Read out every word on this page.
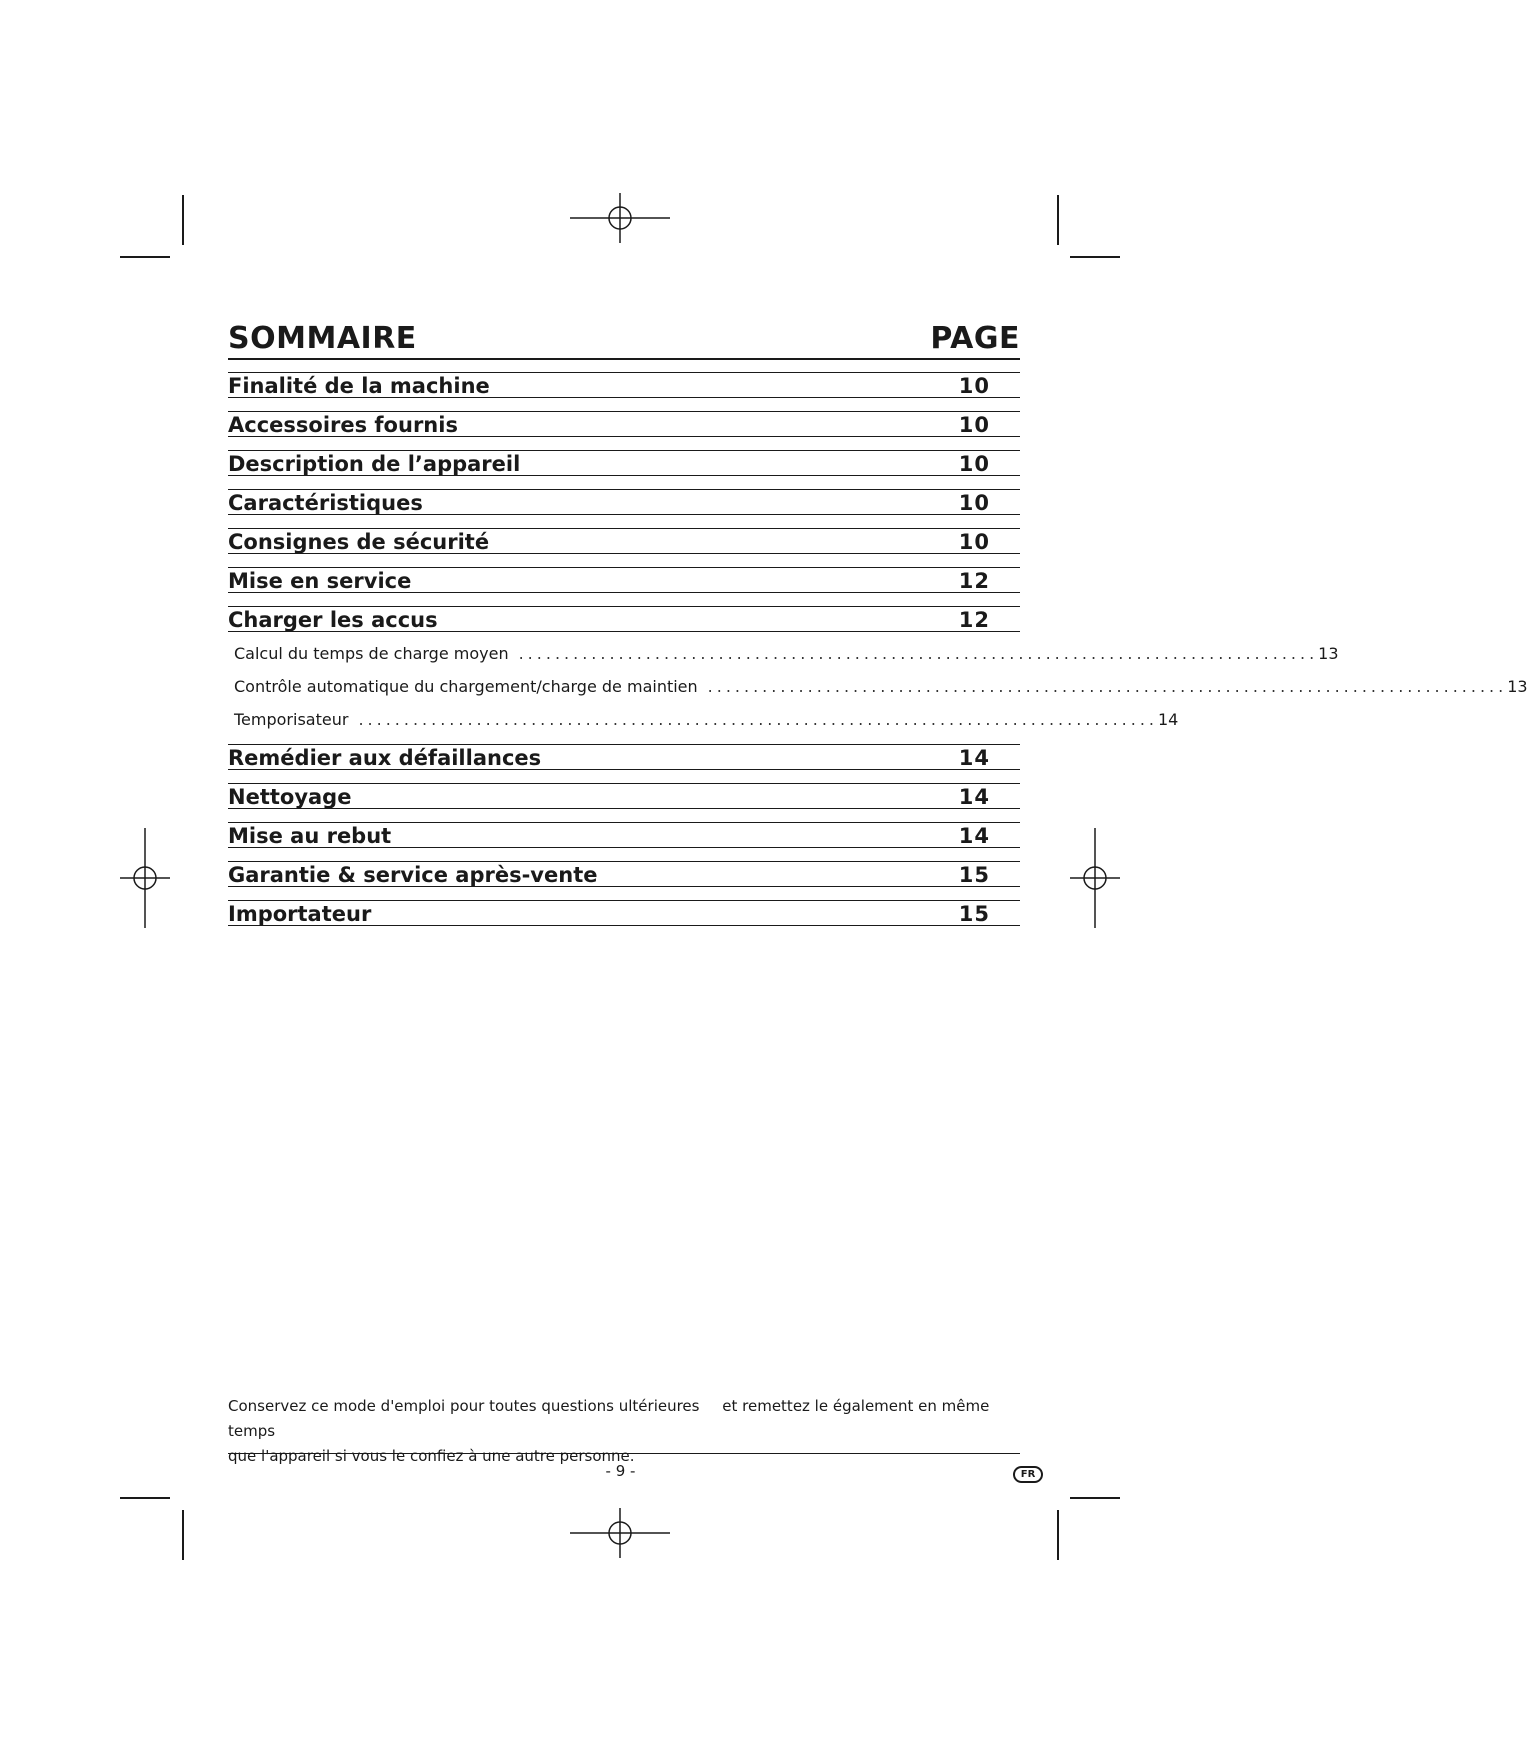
SOMMAIRE	PAGE
Finalité de la machine	10
Accessoires fournis	10
Description de l’appareil	10
Caractéristiques	10
Consignes de sécurité	10
Mise en service	12
Charger les accus	12
Calcul du temps de charge moyen ........................................................................................ 13
Contrôle automatique du chargement/charge de maintien ........................................................................................ 13
Temporisateur ........................................................................................ 14
Remédier aux défaillances	14
Nettoyage	14
Mise au rebut	14
Garantie & service après-vente	15
Importateur	15
Conservez ce mode d'emploi pour toutes questions ultérieures et remettez le également en même temps
que l'appareil si vous le confiez à une autre personne.
- 9 -	FR
